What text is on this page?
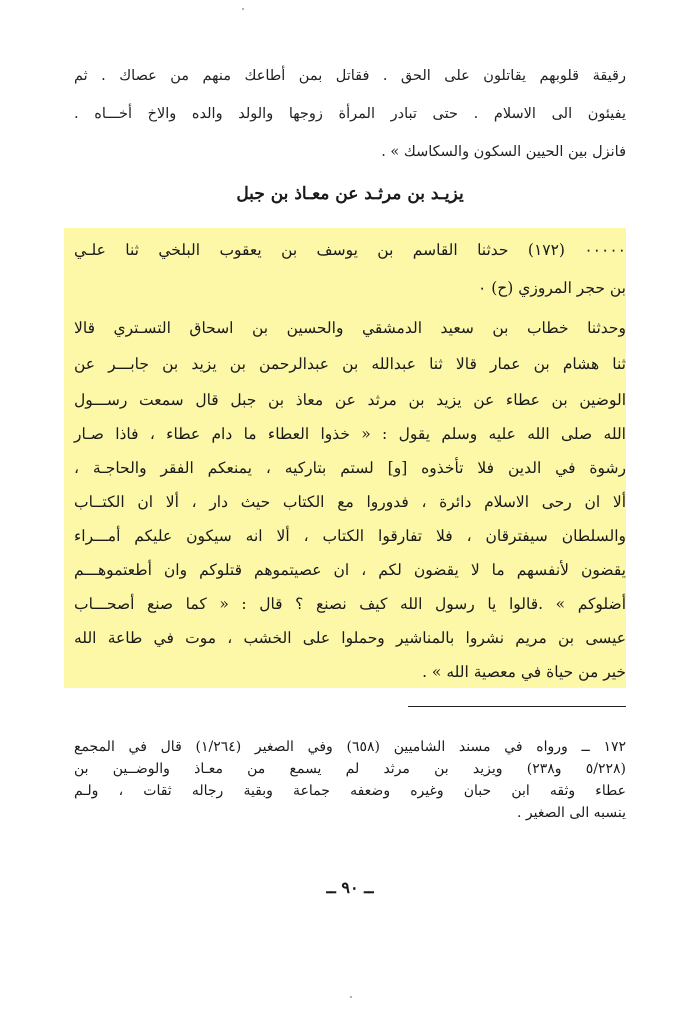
رقيقة قلوبهم يقاتلون على الحق . فقاتل بمن أطاعك منهم من عصاك . ثم
يفيئون الى الاسلام . حتى تبادر المرأة زوجها والولد والده والاخ أخـــاه .
فانزل بين الحيين السكون والسكاسك » .
يزيـد بن مرثـد عن معـاذ بن جبل
٠٠٠٠٠ (١٧٢) حدثنا القاسم بن يوسف بن يعقوب البلخي ثنا علـي
بن حجر المروزي (ح) ٠
وحدثنا خطاب بن سعيد الدمشقي والحسين بن اسحاق التسـتري قالا
ثنا هشام بن عمار قالا ثنا عبدالله بن عبدالرحمن بن يزيد بن جابـــر عن
الوضين بن عطاء عن يزيد بن مرثد عن معاذ بن جبل قال سمعت رســـول
الله صلى الله عليه وسلم يقول : « خذوا العطاء ما دام عطاء ، فاذا صـار
رشوة في الدين فلا تأخذوه [و] لستم بتاركيه ، يمنعكم الفقر والحاجـة ،
ألا ان رحى الاسلام دائرة ، فدوروا مع الكتاب حيث دار ، ألا ان الكتــاب
والسلطان سيفترقان ، فلا تفارقوا الكتاب ، ألا انه سيكون عليكم أمـــراء
يقضون لأنفسهم ما لا يقضون لكم ، ان عصيتموهم قتلوكم وان أطعتموهـــم
أضلوكم » .قالوا يا رسول الله كيف نصنع ؟ قال : « كما صنع أصحـــاب
عيسى بن مريم نشروا بالمناشير وحملوا على الخشب ، موت في طاعة الله
خير من حياة في معصية الله » .
١٧٢ ــ ورواه في مسند الشاميين (٦٥٨) وفي الصغير (١/٢٦٤) قال في المجمع
(٥/٢٢٨ و٢٣٨) ويزيد بن مرثد لم يسمع من معـاذ والوضــين بن
عطاء وثقه ابن حبان وغيره وضعفه جماعة وبقية رجاله ثقات ، ولـم
ينسبه الى الصغير .
ــ ٩٠ ــ
